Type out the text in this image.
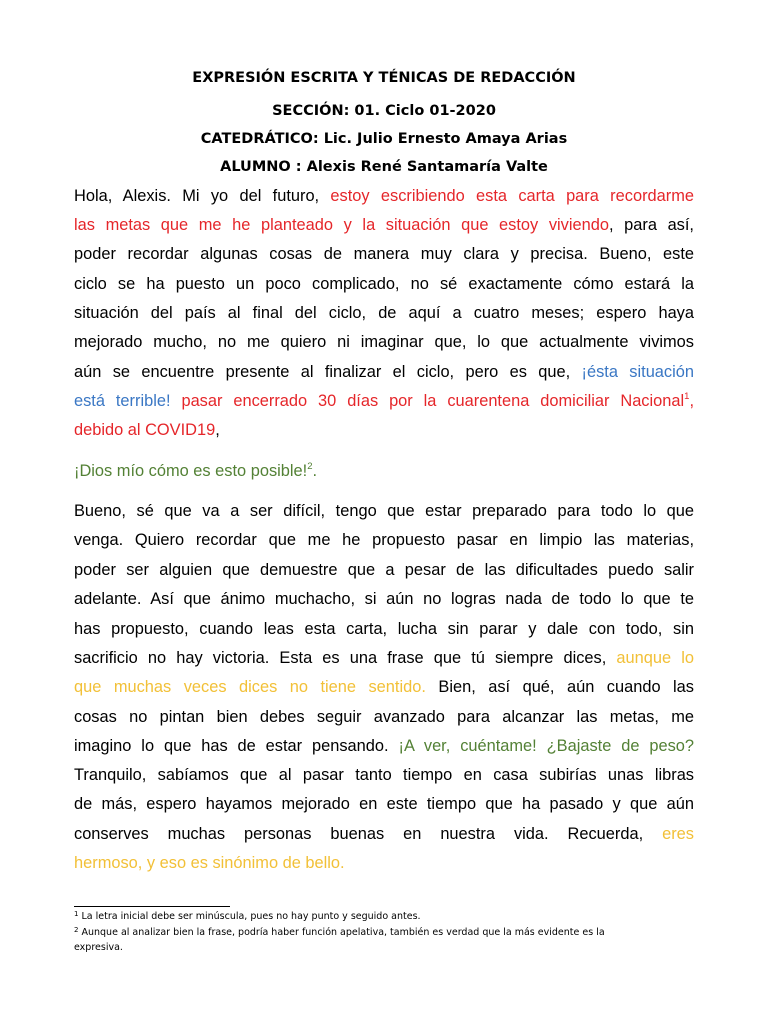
EXPRESIÓN ESCRITA Y TÉNICAS DE REDACCIÓN
SECCIÓN: 01. Ciclo 01-2020
CATEDRÁTICO: Lic. Julio Ernesto Amaya Arias
ALUMNO : Alexis René Santamaría Valte
Hola, Alexis. Mi yo del futuro, estoy escribiendo esta carta para recordarme
las metas que me he planteado y la situación que estoy viviendo, para así,
poder recordar algunas cosas de manera muy clara y precisa. Bueno, este
ciclo se ha puesto un poco complicado, no sé exactamente cómo estará la
situación del país al final del ciclo, de aquí a cuatro meses; espero haya
mejorado mucho, no me quiero ni imaginar que, lo que actualmente vivimos
aún se encuentre presente al finalizar el ciclo, pero es que, ¡ésta situación
está terrible! pasar encerrado 30 días por la cuarentena domiciliar Nacional$^1$,
debido al COVID19,
¡Dios mío cómo es esto posible!$^2$.
Bueno, sé que va a ser difícil, tengo que estar preparado para todo lo que
venga. Quiero recordar que me he propuesto pasar en limpio las materias,
poder ser alguien que demuestre que a pesar de las dificultades puedo salir
adelante. Así que ánimo muchacho, si aún no logras nada de todo lo que te
has propuesto, cuando leas esta carta, lucha sin parar y dale con todo, sin
sacrificio no hay victoria. Esta es una frase que tú siempre dices, aunque lo
que muchas veces dices no tiene sentido. Bien, así qué, aún cuando las
cosas no pintan bien debes seguir avanzado para alcanzar las metas, me
imagino lo que has de estar pensando. ¡A ver, cuéntame! ¿Bajaste de peso?
Tranquilo, sabíamos que al pasar tanto tiempo en casa subirías unas libras
de más, espero hayamos mejorado en este tiempo que ha pasado y que aún
conserves muchas personas buenas en nuestra vida. Recuerda, eres
hermoso, y eso es sinónimo de bello.
$^1$ La letra inicial debe ser minúscula, pues no hay punto y seguido antes.
$^2$ Aunque al analizar bien la frase, podría haber función apelativa, también es verdad que la más evidente es la
expresiva.
